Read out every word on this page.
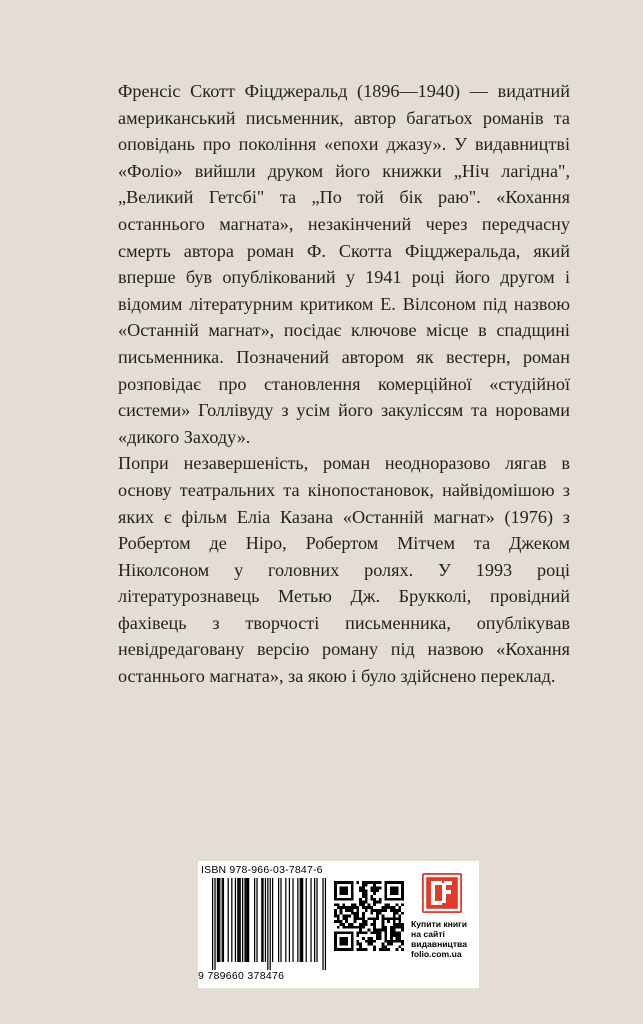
Френсіс Скотт Фіцджеральд (1896—1940) — видатний американський письменник, автор багатьох романів та оповідань про покоління «епохи джазу». У видавництві «Фоліо» вийшли друком його книжки „Ніч лагідна", „Великий Гетсбі" та „По той бік раю". «Кохання останнього магната», незакінчений через передчасну смерть автора роман Ф. Скотта Фіцджеральда, який вперше був опублікований у 1941 році його другом і відомим літературним критиком Е. Вілсоном під назвою «Останній магнат», посідає ключове місце в спадщині письменника. Позначений автором як вестерн, роман розповідає про становлення комерційної «студійної системи» Голлівуду з усім його закуліссям та норовами «дикого Заходу».

Попри незавершеність, роман неодноразово лягав в основу театральних та кінопостановок, найвідомішою з яких є фільм Еліа Казана «Останній магнат» (1976) з Робертом де Ніро, Робертом Мітчем та Джеком Ніколсоном у головних ролях. У 1993 році літературознавець Метью Дж. Брукколі, провідний фахівець з творчості письменника, опублікував невідредаговану версію роману під назвою «Кохання останнього магната», за якою і було здійснено переклад.

ISBN 978-966-03-7847-6
9 789660 378476
Купити книги
на сайті
видавництва
folio.com.ua
